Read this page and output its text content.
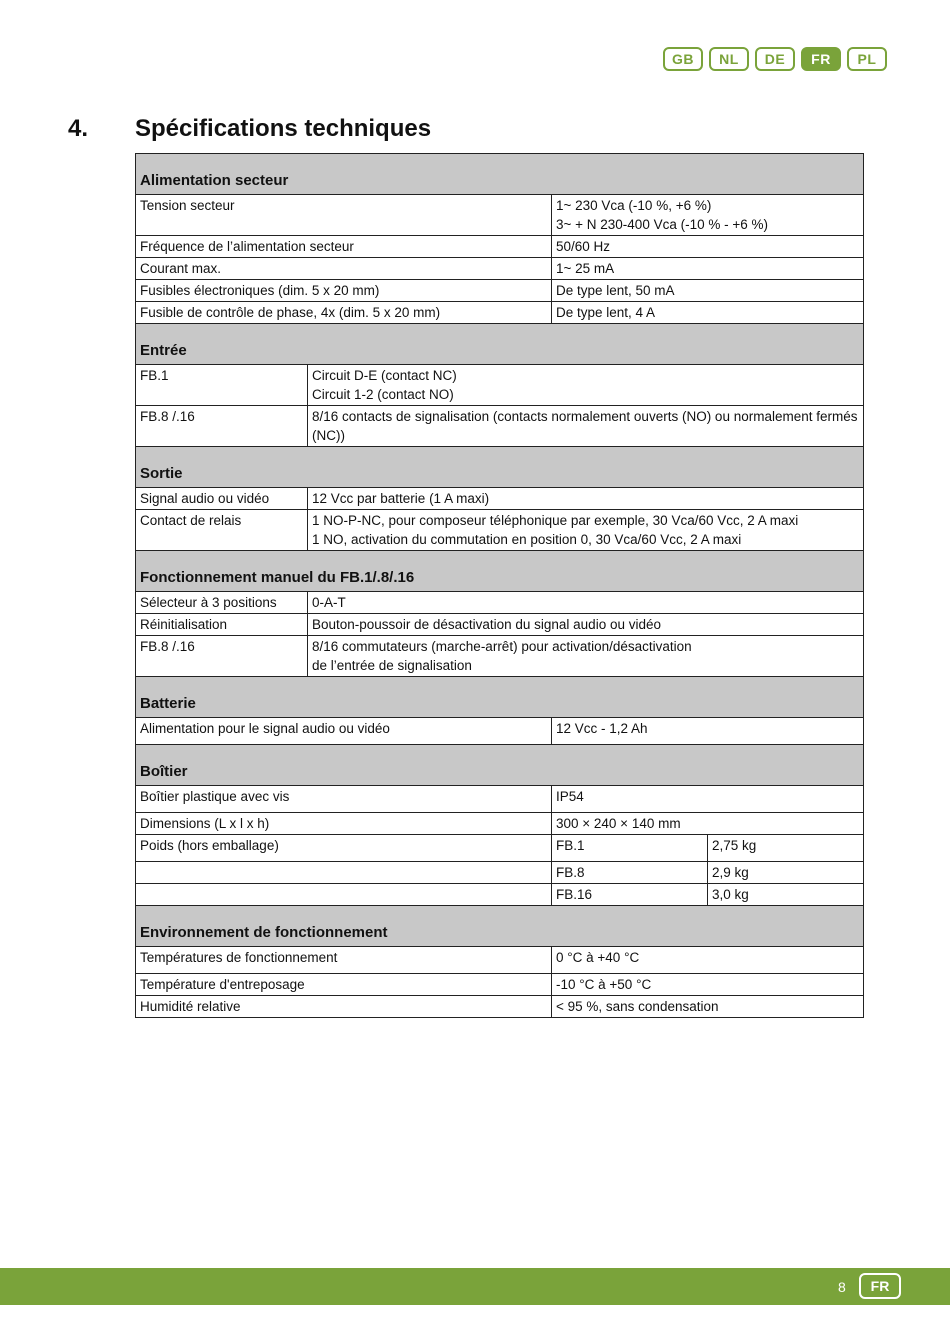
GB	NL	DE	FR	PL
4. Spécifications techniques
Alimentation secteur			
Tension secteur		1~ 230 Vca (-10 %, +6 %)
3~ + N 230-400 Vca (-10 % - +6 %)	

Fréquence de l’alimentation secteur		50/60 Hz	
Courant max.		1~ 25 mA	
Fusibles électroniques (dim. 5 x 20 mm)		De type lent, 50 mA	
Fusible de contrôle de phase, 4x (dim. 5 x 20 mm)		De type lent, 4 A	
Entrée			
FB.1	Circuit D-E (contact NC)
Circuit 1-2 (contact NO)		

FB.8 /.16	8/16 contacts de signalisation (contacts normalement ouverts (NO) ou normalement fermés (NC))		
Sortie			
Signal audio ou vidéo	12 Vcc par batterie (1 A maxi)		
Contact de relais	1 NO-P-NC, pour composeur téléphonique par exemple, 30 Vca/60 Vcc, 2 A maxi
1 NO, activation du commutation en position 0, 30 Vca/60 Vcc, 2 A maxi		

Fonctionnement manuel du FB.1/.8/.16			
Sélecteur à 3 positions	0-A-T		
Réinitialisation	Bouton-poussoir de désactivation du signal audio ou vidéo		
FB.8 /.16	8/16 commutateurs (marche-arrêt) pour activation/désactivation
de l’entrée de signalisation		

Batterie			
Alimentation pour le signal audio ou vidéo		12 Vcc - 1,2 Ah	
Boîtier			
Boîtier plastique avec vis		IP54	
Dimensions (L x l x h)		300 × 240 × 140 mm	
Poids (hors emballage)		FB.1	2,75 kg
		FB.8	2,9 kg
		FB.16	3,0 kg
Environnement de fonctionnement			
Températures de fonctionnement		0 °C à +40 °C	
Température d'entreposage		-10 °C à +50 °C	
Humidité relative		< 95 %, sans condensation	
8	FR
